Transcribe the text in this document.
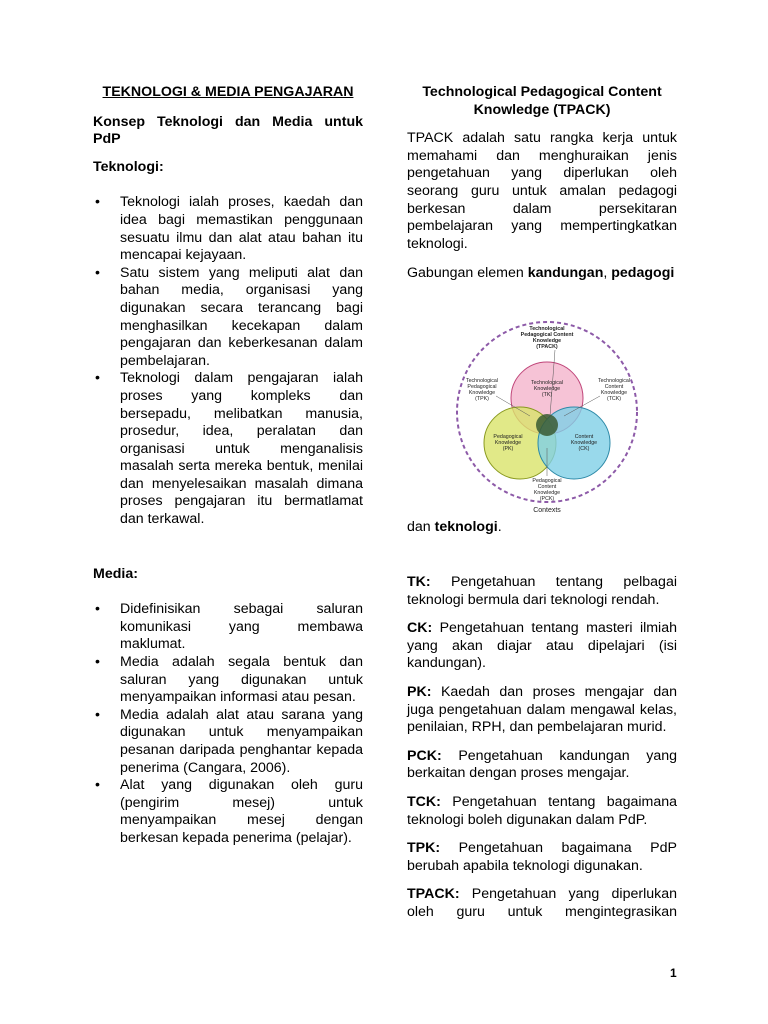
TEKNOLOGI & MEDIA PENGAJARAN
Konsep Teknologi dan Media untuk
PdP
Teknologi:
• Teknologi ialah proses, kaedah dan idea bagi memastikan penggunaan sesuatu ilmu dan alat atau bahan itu mencapai kejayaan.
• Satu sistem yang meliputi alat dan bahan media, organisasi yang digunakan secara terancang bagi menghasilkan kecekapan dalam pengajaran dan keberkesanan dalam pembelajaran.
• Teknologi dalam pengajaran ialah proses yang kompleks dan bersepadu, melibatkan manusia, prosedur, idea, peralatan dan organisasi untuk menganalisis masalah serta mereka bentuk, menilai dan menyelesaikan masalah dimana proses pengajaran itu bermatlamat dan terkawal.
Media:
• Didefinisikan sebagai saluran komunikasi yang membawa maklumat.
• Media adalah segala bentuk dan saluran yang digunakan untuk menyampaikan informasi atau pesan.
• Media adalah alat atau sarana yang digunakan untuk menyampaikan pesanan daripada penghantar kepada penerima (Cangara, 2006).
• Alat yang digunakan oleh guru (pengirim mesej) untuk menyampaikan mesej dengan berkesan kepada penerima (pelajar).
Technological Pedagogical Content Knowledge (TPACK)
TPACK adalah satu rangka kerja untuk memahami dan menghuraikan jenis pengetahuan yang diperlukan oleh seorang guru untuk amalan pedagogi berkesan dalam persekitaran pembelajaran yang mempertingkatkan teknologi.
Gabungan elemen kandungan, pedagogi
Technological
Pedagogical Content
Knowledge
(TPACK)
Technological
Knowledge
(TK)
Pedagogical
Knowledge
(PK)
Content
Knowledge
(CK)
Technological
Pedagogical
Knowledge
(TPK)
Technological
Content
Knowledge
(TCK)
Pedagogical
Content
Knowledge
(PCK)
Contexts
dan teknologi.
TK: Pengetahuan tentang pelbagai teknologi bermula dari teknologi rendah.
CK: Pengetahuan tentang masteri ilmiah yang akan diajar atau dipelajari (isi kandungan).
PK: Kaedah dan proses mengajar dan juga pengetahuan dalam mengawal kelas, penilaian, RPH, dan pembelajaran murid.
PCK: Pengetahuan kandungan yang berkaitan dengan proses mengajar.
TCK: Pengetahuan tentang bagaimana teknologi boleh digunakan dalam PdP.
TPK: Pengetahuan bagaimana PdP berubah apabila teknologi digunakan.
TPACK: Pengetahuan yang diperlukan oleh guru untuk mengintegrasikan
1
